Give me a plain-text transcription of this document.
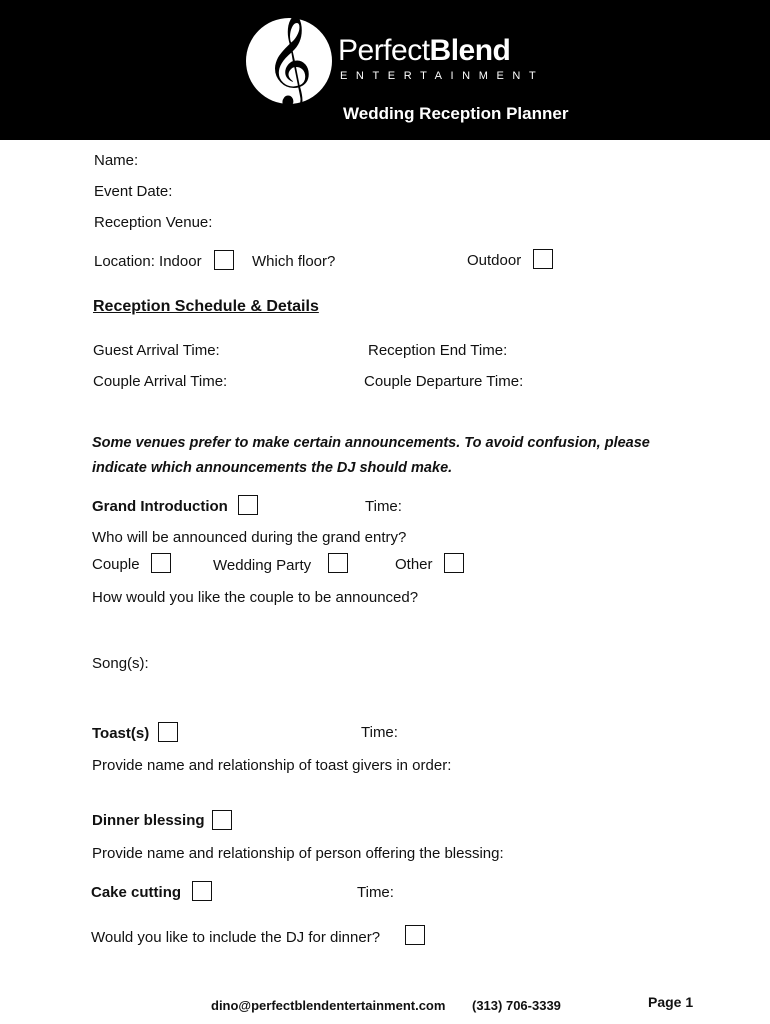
𝄞 PerfectBlend
ENTERTAINMENT
Wedding Reception Planner
Name:
Event Date:
Reception Venue:
Location: Indoor	Which floor?	Outdoor
Reception Schedule & Details
Guest Arrival Time:	Reception End Time:
Couple Arrival Time:	Couple Departure Time:
Some venues prefer to make certain announcements. To avoid confusion, please
indicate which announcements the DJ should make.
Grand Introduction	Time:
Who will be announced during the grand entry?
Couple	Wedding Party	Other
How would you like the couple to be announced?
Song(s):
Toast(s)	Time:
Provide name and relationship of toast givers in order:
Dinner blessing
Provide name and relationship of person offering the blessing:
Cake cutting	Time:
Would you like to include the DJ for dinner?
dino@perfectblendentertainment.com (313) 706-3339	Page 1
